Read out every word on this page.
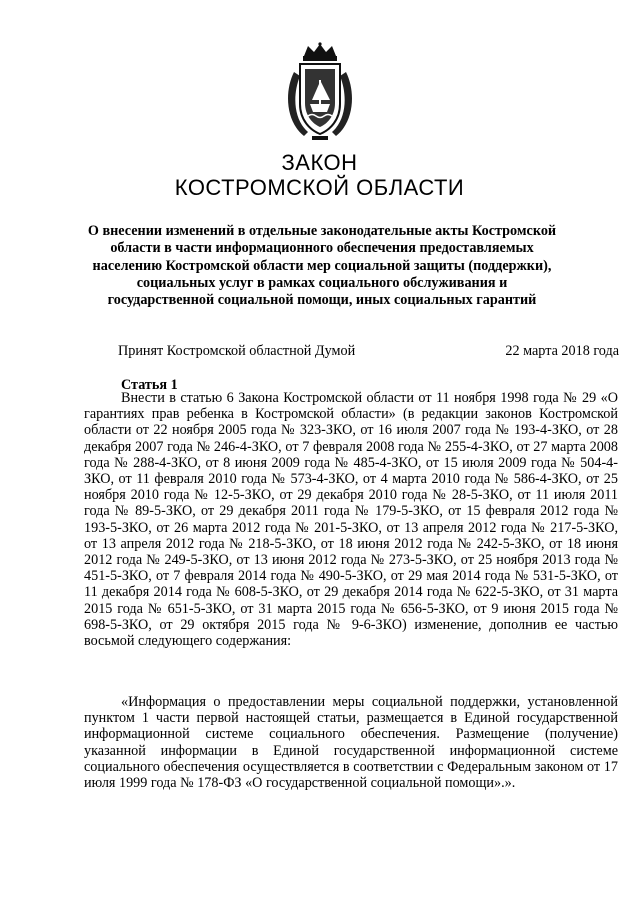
ЗАКОН
КОСТРОМСКОЙ ОБЛАСТИ
О внесении изменений в отдельные законодательные акты Костромской области в части информационного обеспечения предоставляемых населению Костромской области мер социальной защиты (поддержки), социальных услуг в рамках социального обслуживания и государственной социальной помощи, иных социальных гарантий
Принят Костромской областной Думой	22 марта 2018 года
Статья 1

Внести в статью 6 Закона Костромской области от 11 ноября 1998 года № 29 «О гарантиях прав ребенка в Костромской области» (в редакции законов Костромской области от 22 ноября 2005 года № 323-ЗКО, от 16 июля 2007 года № 193-4-ЗКО, от 28 декабря 2007 года № 246-4-ЗКО, от 7 февраля 2008 года № 255-4-ЗКО, от 27 марта 2008 года № 288-4-ЗКО, от 8 июня 2009 года № 485-4-ЗКО, от 15 июля 2009 года № 504-4-ЗКО, от 11 февраля 2010 года № 573-4-ЗКО, от 4 марта 2010 года № 586-4-ЗКО, от 25 ноября 2010 года № 12-5-ЗКО, от 29 декабря 2010 года № 28-5-ЗКО, от 11 июля 2011 года № 89-5-ЗКО, от 29 декабря 2011 года № 179-5-ЗКО, от 15 февраля 2012 года № 193-5-ЗКО, от 26 марта 2012 года № 201-5-ЗКО, от 13 апреля 2012 года № 217-5-ЗКО, от 13 апреля 2012 года № 218-5-ЗКО, от 18 июня 2012 года № 242-5-ЗКО, от 18 июня 2012 года № 249-5-ЗКО, от 13 июня 2012 года № 273-5-ЗКО, от 25 ноября 2013 года № 451-5-ЗКО, от 7 февраля 2014 года № 490-5-ЗКО, от 29 мая 2014 года № 531-5-ЗКО, от 11 декабря 2014 года № 608-5-ЗКО, от 29 декабря 2014 года № 622-5-ЗКО, от 31 марта 2015 года № 651-5-ЗКО, от 31 марта 2015 года № 656-5-ЗКО, от 9 июня 2015 года № 698-5-ЗКО, от 29 октября 2015 года № 9-6-ЗКО) изменение, дополнив ее частью восьмой следующего содержания:

«Информация о предоставлении меры социальной поддержки, установленной пунктом 1 части первой настоящей статьи, размещается в Единой государственной информационной системе социального обеспечения. Размещение (получение) указанной информации в Единой государственной информационной системе социального обеспечения осуществляется в соответствии с Федеральным законом от 17 июля 1999 года № 178-ФЗ «О государственной социальной помощи».».
